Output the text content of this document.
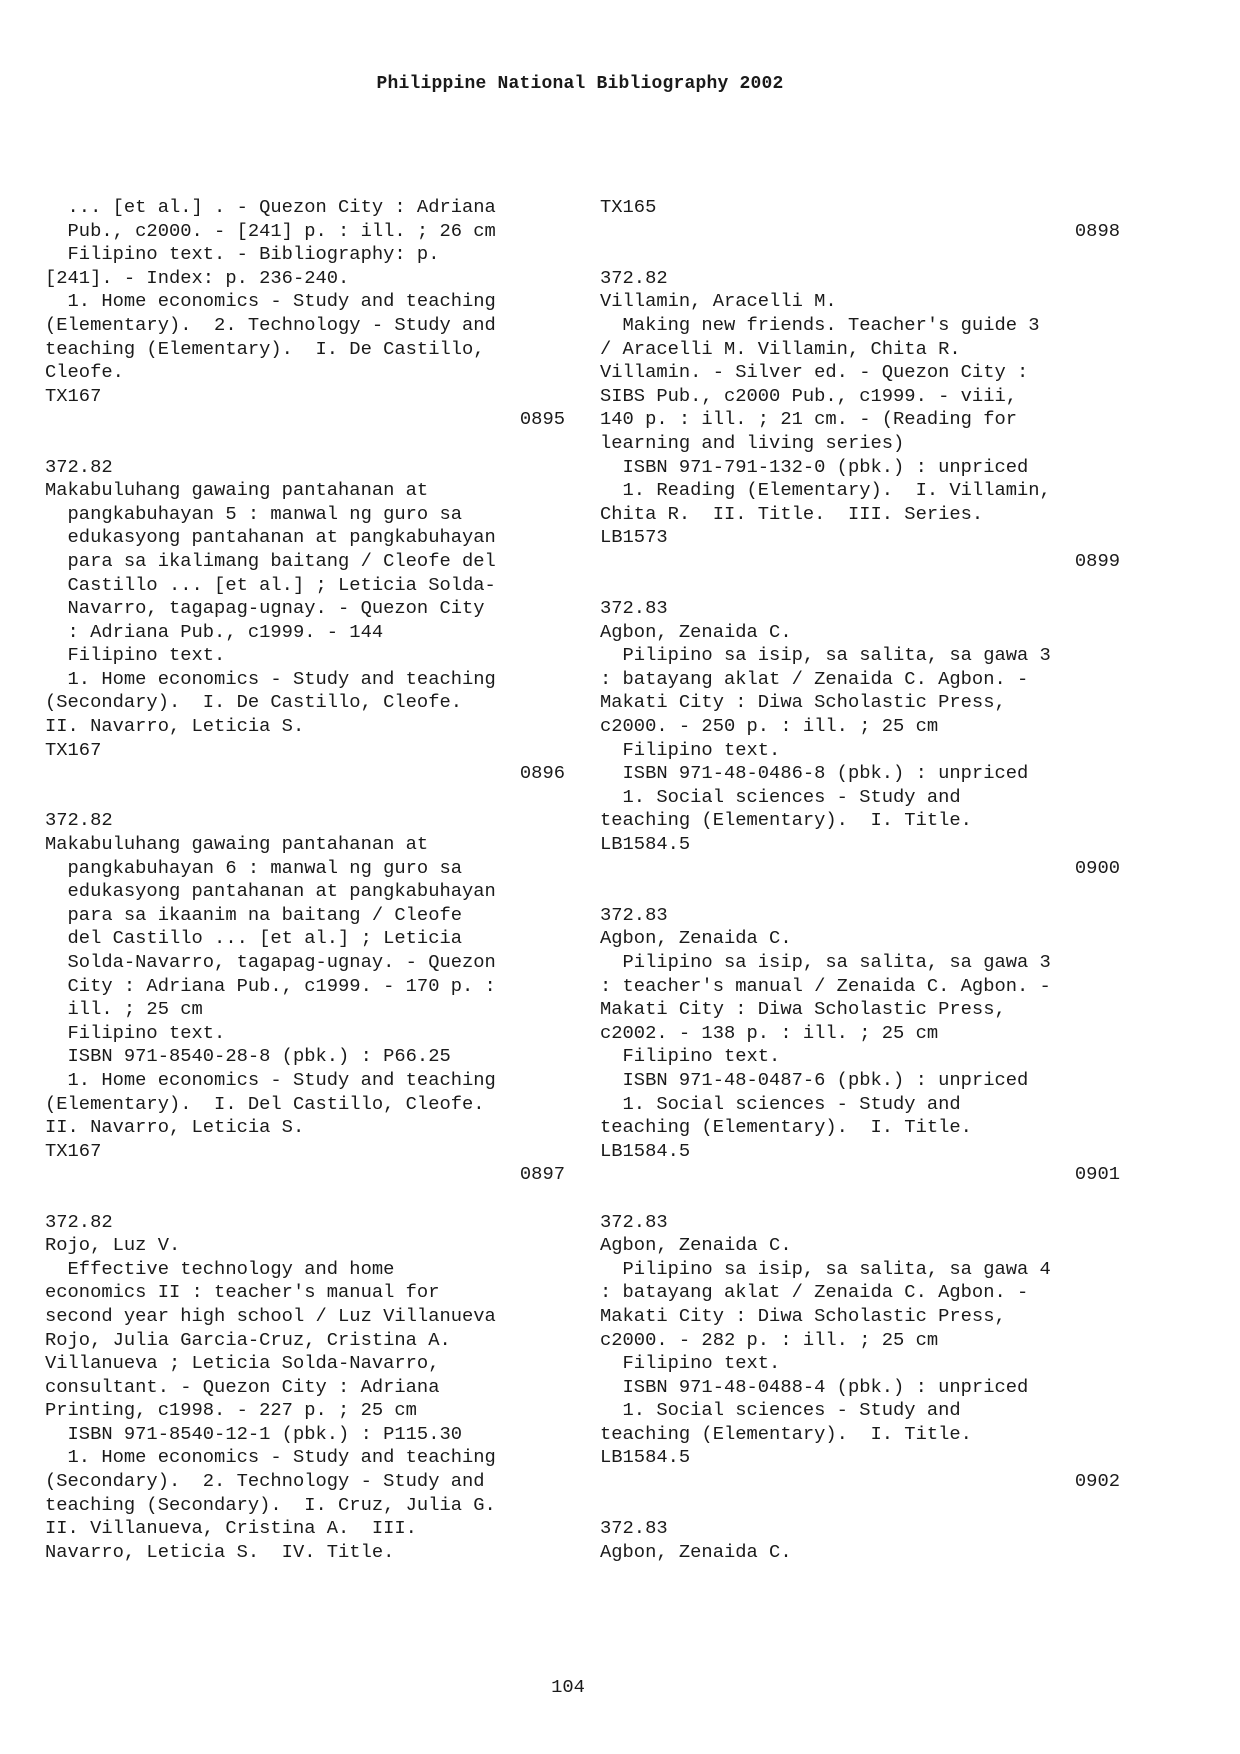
Philippine National Bibliography 2002
... [et al.] . - Quezon City : Adriana
Pub., c2000. - [241] p. : ill. ; 26 cm
Filipino text. - Bibliography: p.
[241]. - Index: p. 236-240.
1. Home economics - Study and teaching
(Elementary).  2. Technology - Study and
teaching (Elementary).  I. De Castillo,
Cleofe.
TX167
0895
372.82
Makabuluhang gawaing pantahanan at
pangkabuhayan 5 : manwal ng guro sa
edukasyong pantahanan at pangkabuhayan
para sa ikalimang baitang / Cleofe del
Castillo ... [et al.] ; Leticia Solda-
Navarro, tagapag-ugnay. - Quezon City
: Adriana Pub., c1999. - 144
Filipino text.
1. Home economics - Study and teaching
(Secondary).  I. De Castillo, Cleofe.
II. Navarro, Leticia S.
TX167
0896
372.82
Makabuluhang gawaing pantahanan at
pangkabuhayan 6 : manwal ng guro sa
edukasyong pantahanan at pangkabuhayan
para sa ikaanim na baitang / Cleofe
del Castillo ... [et al.] ; Leticia
Solda-Navarro, tagapag-ugnay. - Quezon
City : Adriana Pub., c1999. - 170 p. :
ill. ; 25 cm
Filipino text.
ISBN 971-8540-28-8 (pbk.) : P66.25
1. Home economics - Study and teaching
(Elementary).  I. Del Castillo, Cleofe.
II. Navarro, Leticia S.
TX167
0897
372.82
Rojo, Luz V.
Effective technology and home
economics II : teacher's manual for
second year high school / Luz Villanueva
Rojo, Julia Garcia-Cruz, Cristina A.
Villanueva ; Leticia Solda-Navarro,
consultant. - Quezon City : Adriana
Printing, c1998. - 227 p. ; 25 cm
ISBN 971-8540-12-1 (pbk.) : P115.30
1. Home economics - Study and teaching
(Secondary).  2. Technology - Study and
teaching (Secondary).  I. Cruz, Julia G.
II. Villanueva, Cristina A.  III.
Navarro, Leticia S.  IV. Title.
TX165
0898
372.82
Villamin, Aracelli M.
Making new friends. Teacher's guide 3
/ Aracelli M. Villamin, Chita R.
Villamin. - Silver ed. - Quezon City :
SIBS Pub., c2000 Pub., c1999. - viii,
140 p. : ill. ; 21 cm. - (Reading for
learning and living series)
ISBN 971-791-132-0 (pbk.) : unpriced
1. Reading (Elementary).  I. Villamin,
Chita R.  II. Title.  III. Series.
LB1573
0899
372.83
Agbon, Zenaida C.
Pilipino sa isip, sa salita, sa gawa 3
: batayang aklat / Zenaida C. Agbon. -
Makati City : Diwa Scholastic Press,
c2000. - 250 p. : ill. ; 25 cm
Filipino text.
ISBN 971-48-0486-8 (pbk.) : unpriced
1. Social sciences - Study and
teaching (Elementary).  I. Title.
LB1584.5
0900
372.83
Agbon, Zenaida C.
Pilipino sa isip, sa salita, sa gawa 3
: teacher's manual / Zenaida C. Agbon. -
Makati City : Diwa Scholastic Press,
c2002. - 138 p. : ill. ; 25 cm
Filipino text.
ISBN 971-48-0487-6 (pbk.) : unpriced
1. Social sciences - Study and
teaching (Elementary).  I. Title.
LB1584.5
0901
372.83
Agbon, Zenaida C.
Pilipino sa isip, sa salita, sa gawa 4
: batayang aklat / Zenaida C. Agbon. -
Makati City : Diwa Scholastic Press,
c2000. - 282 p. : ill. ; 25 cm
Filipino text.
ISBN 971-48-0488-4 (pbk.) : unpriced
1. Social sciences - Study and
teaching (Elementary).  I. Title.
LB1584.5
0902
372.83
Agbon, Zenaida C.
104
